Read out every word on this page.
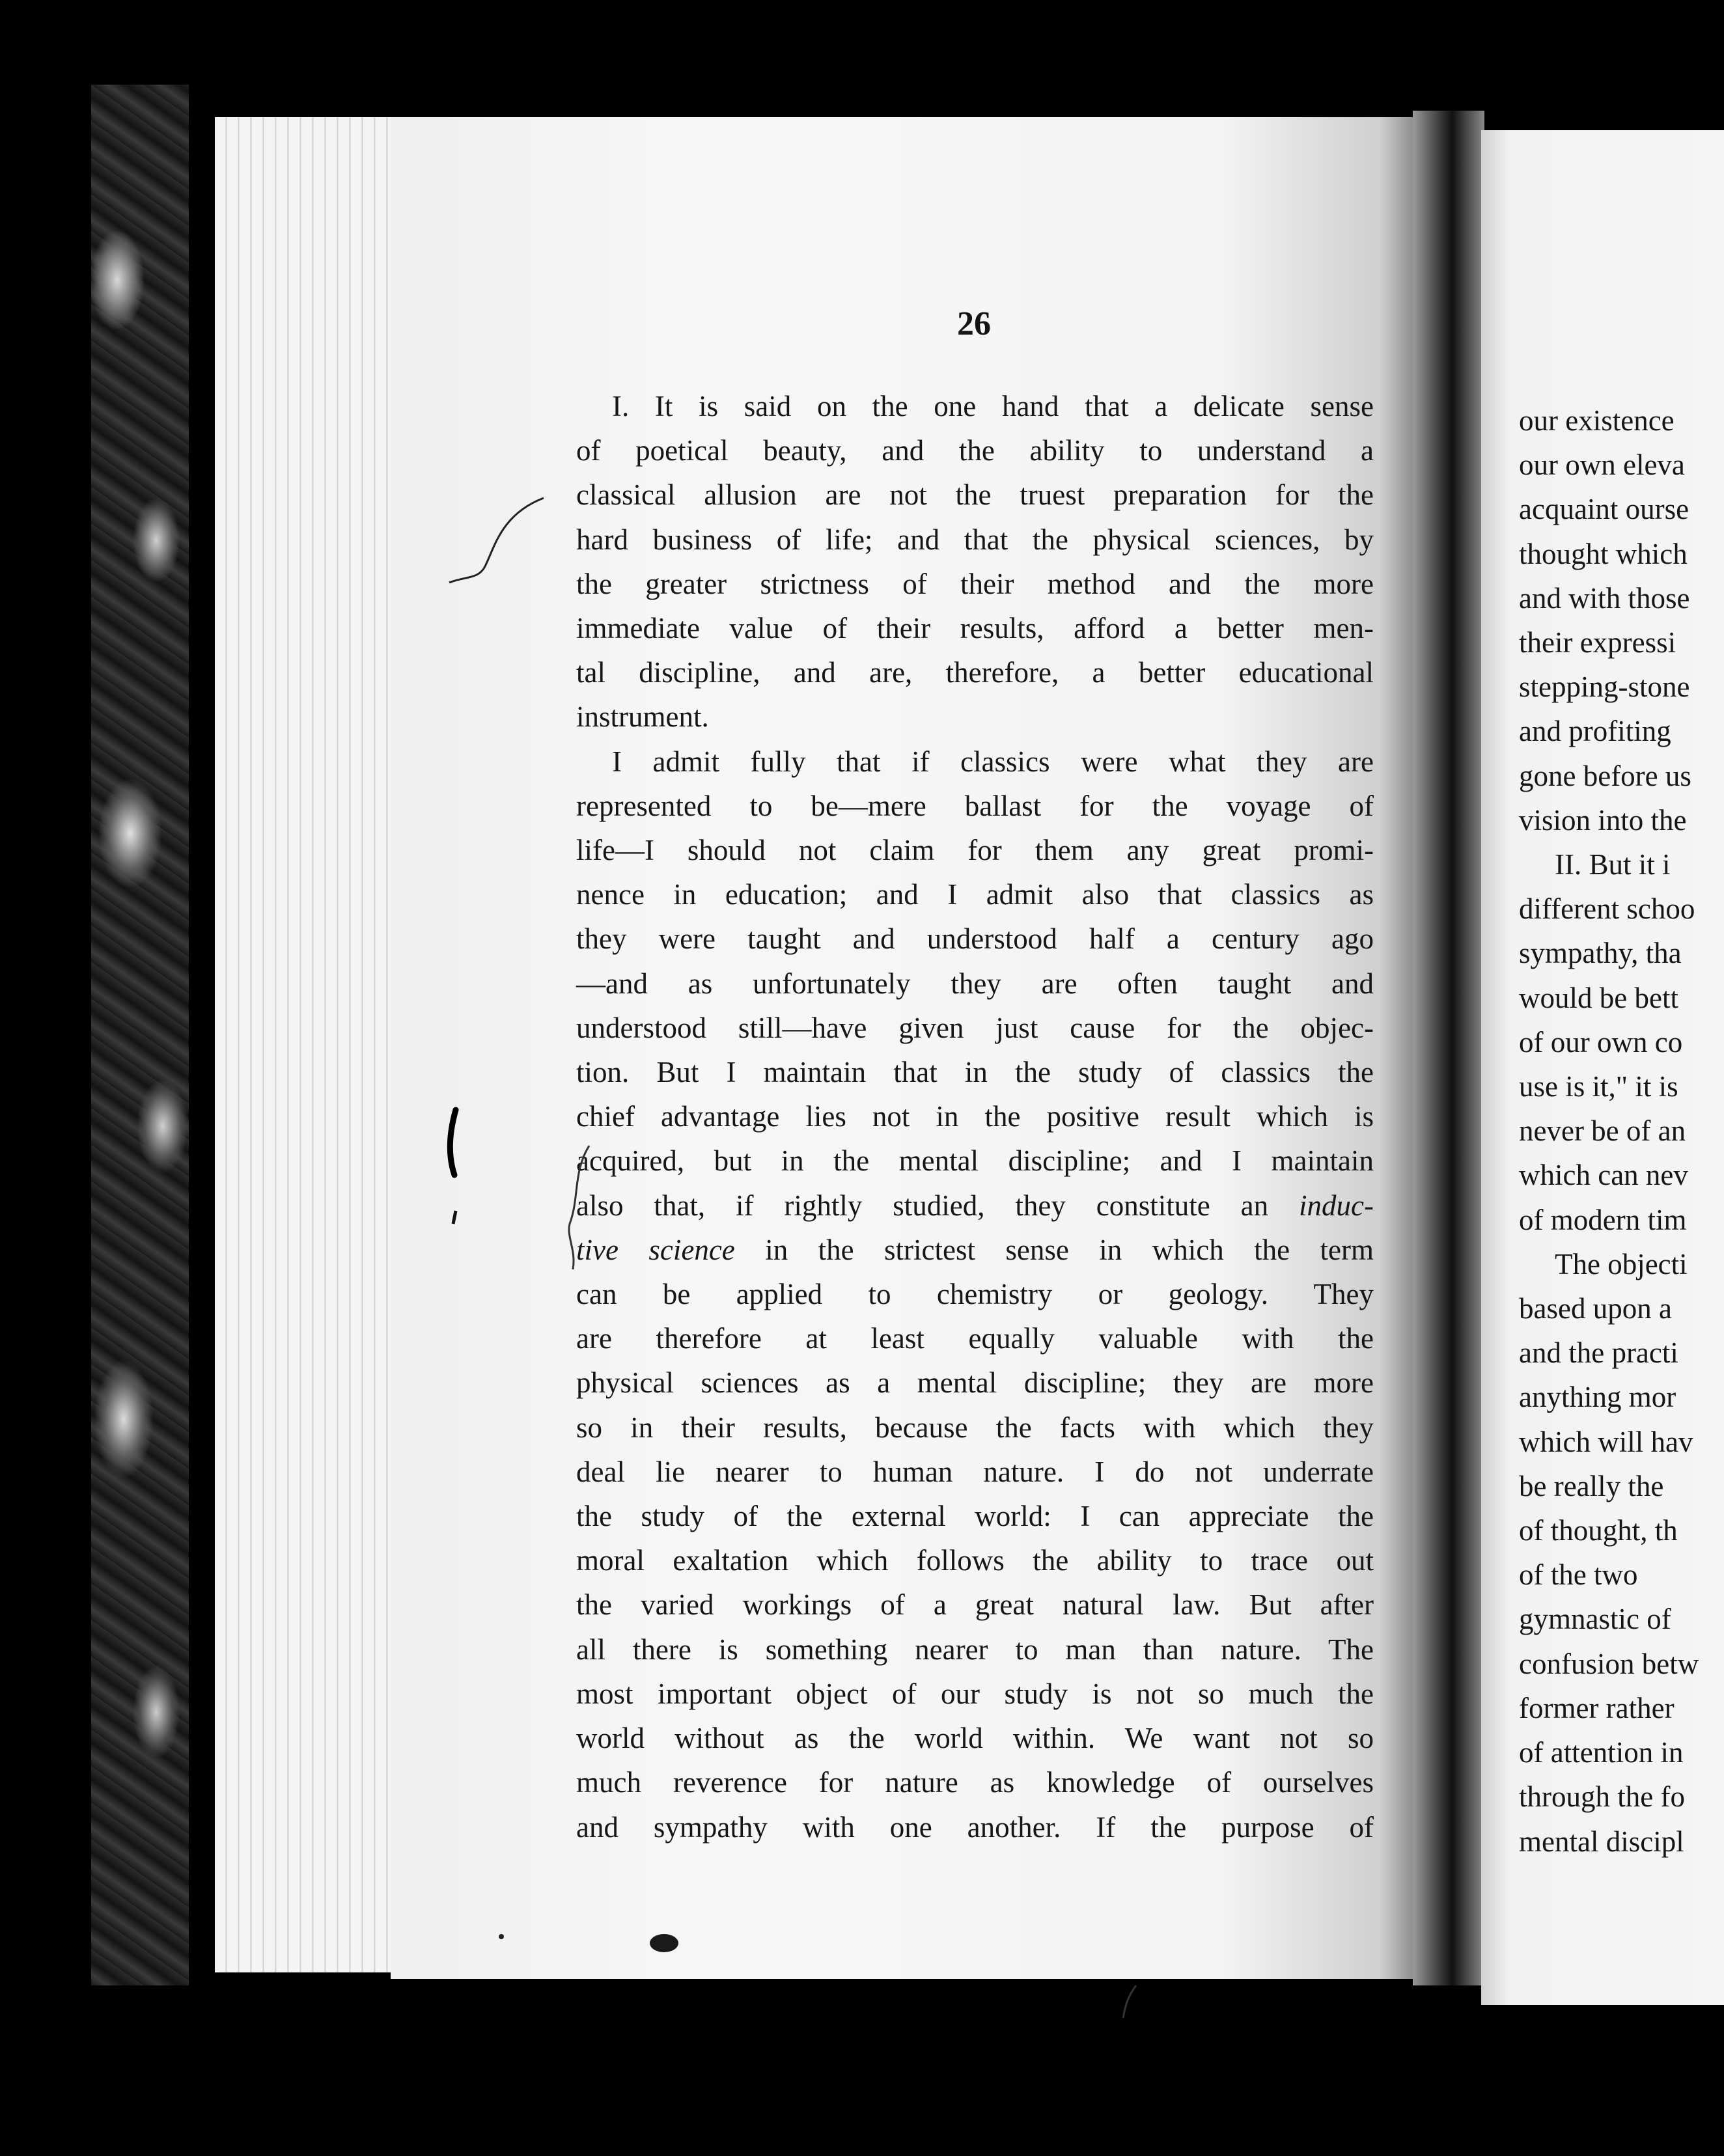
26
I. It is said on the one hand that a delicate sense
of poetical beauty, and the ability to understand a
classical allusion are not the truest preparation for the
hard business of life; and that the physical sciences, by
the greater strictness of their method and the more
immediate value of their results, afford a better men-
tal discipline, and are, therefore, a better educational
instrument.
I admit fully that if classics were what they are
represented to be—mere ballast for the voyage of
life—I should not claim for them any great promi-
nence in education; and I admit also that classics as
they were taught and understood half a century ago
—and as unfortunately they are often taught and
understood still—have given just cause for the objec-
tion. But I maintain that in the study of classics the
chief advantage lies not in the positive result which is
acquired, but in the mental discipline; and I maintain
also that, if rightly studied, they constitute an induc-
tive science in the strictest sense in which the term
can be applied to chemistry or geology. They
are therefore at least equally valuable with the
physical sciences as a mental discipline; they are more
so in their results, because the facts with which they
deal lie nearer to human nature. I do not underrate
the study of the external world: I can appreciate the
moral exaltation which follows the ability to trace out
the varied workings of a great natural law. But after
all there is something nearer to man than nature. The
most important object of our study is not so much the
world without as the world within. We want not so
much reverence for nature as knowledge of ourselves
and sympathy with one another. If the purpose of
our existence
our own eleva
acquaint ourse
thought which
and with those
their expressi
stepping-stone
and profiting
gone before us
vision into the
II. But it i
different schoo
sympathy, tha
would be bett
of our own co
use is it," it is
never be of an
which can nev
of modern tim
The objecti
based upon a
and the practi
anything mor
which will hav
be really the
of thought, th
of the two
gymnastic of
confusion betw
former rather
of attention in
through the fo
mental discipl
